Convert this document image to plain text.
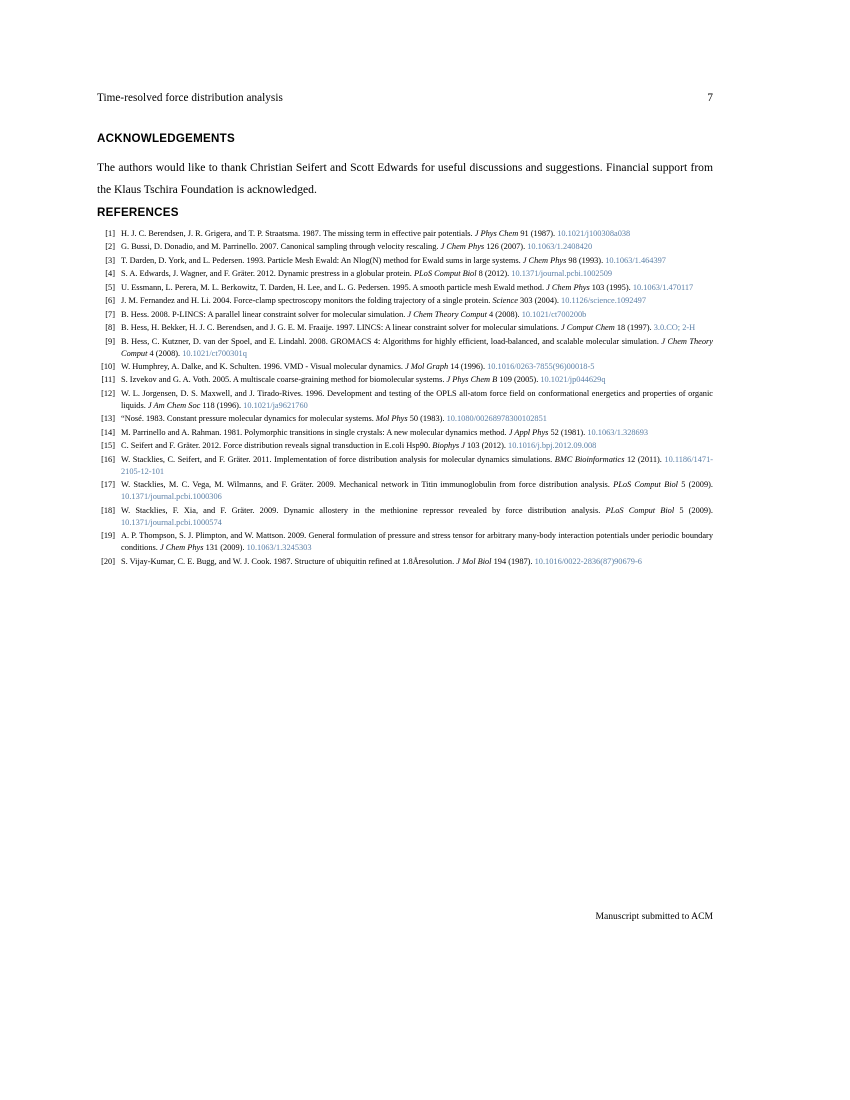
Time-resolved force distribution analysis	7
ACKNOWLEDGEMENTS
The authors would like to thank Christian Seifert and Scott Edwards for useful discussions and suggestions. Financial support from the Klaus Tschira Foundation is acknowledged.
REFERENCES
[1] H. J. C. Berendsen, J. R. Grigera, and T. P. Straatsma. 1987. The missing term in effective pair potentials. J Phys Chem 91 (1987). 10.1021/j100308a038
[2] G. Bussi, D. Donadio, and M. Parrinello. 2007. Canonical sampling through velocity rescaling. J Chem Phys 126 (2007). 10.1063/1.2408420
[3] T. Darden, D. York, and L. Pedersen. 1993. Particle Mesh Ewald: An Nlog(N) method for Ewald sums in large systems. J Chem Phys 98 (1993). 10.1063/1.464397
[4] S. A. Edwards, J. Wagner, and F. Gräter. 2012. Dynamic prestress in a globular protein. PLoS Comput Biol 8 (2012). 10.1371/journal.pcbi.1002509
[5] U. Essmann, L. Perera, M. L. Berkowitz, T. Darden, H. Lee, and L. G. Pedersen. 1995. A smooth particle mesh Ewald method. J Chem Phys 103 (1995). 10.1063/1.470117
[6] J. M. Fernandez and H. Li. 2004. Force-clamp spectroscopy monitors the folding trajectory of a single protein. Science 303 (2004). 10.1126/science.1092497
[7] B. Hess. 2008. P-LINCS: A parallel linear constraint solver for molecular simulation. J Chem Theory Comput 4 (2008). 10.1021/ct700200b
[8] B. Hess, H. Bekker, H. J. C. Berendsen, and J. G. E. M. Fraaije. 1997. LINCS: A linear constraint solver for molecular simulations. J Comput Chem 18 (1997). 3.0.CO; 2-H
[9] B. Hess, C. Kutzner, D. van der Spoel, and E. Lindahl. 2008. GROMACS 4: Algorithms for highly efficient, load-balanced, and scalable molecular simulation. J Chem Theory Comput 4 (2008). 10.1021/ct700301q
[10] W. Humphrey, A. Dalke, and K. Schulten. 1996. VMD - Visual molecular dynamics. J Mol Graph 14 (1996). 10.1016/0263-7855(96)00018-5
[11] S. Izvekov and G. A. Voth. 2005. A multiscale coarse-graining method for biomolecular systems. J Phys Chem B 109 (2005). 10.1021/jp044629q
[12] W. L. Jorgensen, D. S. Maxwell, and J. Tirado-Rives. 1996. Development and testing of the OPLS all-atom force field on conformational energetics and properties of organic liquids. J Am Chem Soc 118 (1996). 10.1021/ja9621760
[13] “Nosé. 1983. Constant pressure molecular dynamics for molecular systems. Mol Phys 50 (1983). 10.1080/00268978300102851
[14] M. Parrinello and A. Rahman. 1981. Polymorphic transitions in single crystals: A new molecular dynamics method. J Appl Phys 52 (1981). 10.1063/1.328693
[15] C. Seifert and F. Gräter. 2012. Force distribution reveals signal transduction in E.coli Hsp90. Biophys J 103 (2012). 10.1016/j.bpj.2012.09.008
[16] W. Stacklies, C. Seifert, and F. Gräter. 2011. Implementation of force distribution analysis for molecular dynamics simulations. BMC Bioinformatics 12 (2011). 10.1186/1471-2105-12-101
[17] W. Stacklies, M. C. Vega, M. Wilmanns, and F. Gräter. 2009. Mechanical network in Titin immunoglobulin from force distribution analysis. PLoS Comput Biol 5 (2009). 10.1371/journal.pcbi.1000306
[18] W. Stacklies, F. Xia, and F. Gräter. 2009. Dynamic allostery in the methionine repressor revealed by force distribution analysis. PLoS Comput Biol 5 (2009). 10.1371/journal.pcbi.1000574
[19] A. P. Thompson, S. J. Plimpton, and W. Mattson. 2009. General formulation of pressure and stress tensor for arbitrary many-body interaction potentials under periodic boundary conditions. J Chem Phys 131 (2009). 10.1063/1.3245303
[20] S. Vijay-Kumar, C. E. Bugg, and W. J. Cook. 1987. Structure of ubiquitin refined at 1.8Åresolution. J Mol Biol 194 (1987). 10.1016/0022-2836(87)90679-6
Manuscript submitted to ACM
